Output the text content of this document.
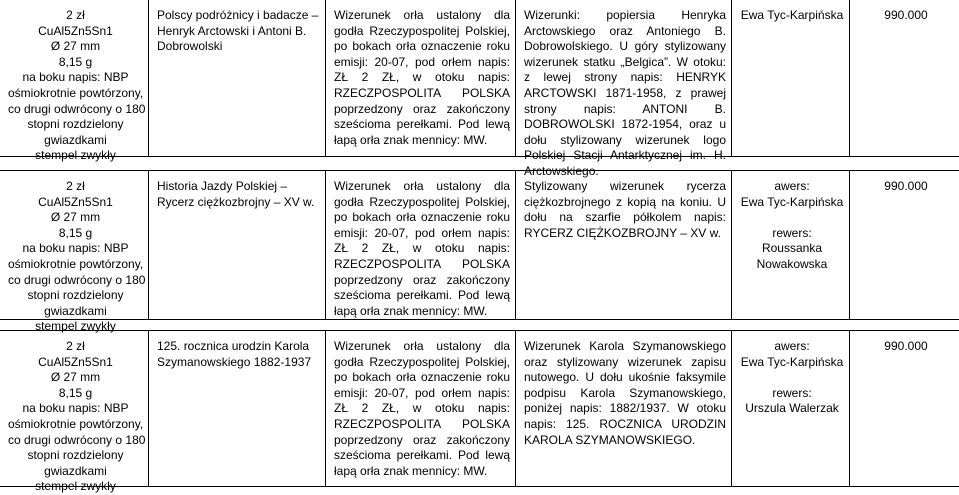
2 zł
CuAl5Zn5Sn1
Ø 27 mm
8,15 g
na boku napis: NBP
ośmiokrotnie powtórzony,
co drugi odwrócony o 180
stopni rozdzielony
gwiazdkami
stempel zwykły
Polscy podróżnicy i badacze – Henryk Arctowski i Antoni B. Dobrowolski
Wizerunek orła ustalony dla godła Rzeczypospolitej Polskiej, po bokach orła oznaczenie roku emisji: 20-07, pod orłem napis: ZŁ 2 ZŁ, w otoku napis: RZECZPOSPOLITA POLSKA poprzedzony oraz zakończony sześcioma perełkami. Pod lewą łapą orła znak mennicy: MW.
Wizerunki: popiersia Henryka Arctowskiego oraz Antoniego B. Dobrowolskiego. U góry stylizowany wizerunek statku „Belgica”. W otoku: z lewej strony napis: HENRYK ARCTOWSKI 1871-1958, z prawej strony napis: ANTONI B. DOBROWOLSKI 1872-1954, oraz u dołu stylizowany wizerunek logo Polskiej Stacji Antarktycznej im. H. Arctowskiego.
Ewa Tyc-Karpińska	990.000
2 zł
CuAl5Zn5Sn1
Ø 27 mm
8,15 g
na boku napis: NBP
ośmiokrotnie powtórzony,
co drugi odwrócony o 180
stopni rozdzielony
gwiazdkami
stempel zwykły
Historia Jazdy Polskiej – Rycerz ciężkozbrojny – XV w.
Wizerunek orła ustalony dla godła Rzeczypospolitej Polskiej, po bokach orła oznaczenie roku emisji: 20-07, pod orłem napis: ZŁ 2 ZŁ, w otoku napis: RZECZPOSPOLITA POLSKA poprzedzony oraz zakończony sześcioma perełkami. Pod lewą łapą orła znak mennicy: MW.
Stylizowany wizerunek rycerza ciężkozbrojnego z kopią na koniu. U dołu na szarfie półkolem napis: RYCERZ CIĘŻKOZBROJNY – XV w.
awers:
Ewa Tyc-Karpińska

rewers:
Roussanka
Nowakowska
990.000
2 zł
CuAl5Zn5Sn1
Ø 27 mm
8,15 g
na boku napis: NBP
ośmiokrotnie powtórzony,
co drugi odwrócony o 180
stopni rozdzielony
gwiazdkami
stempel zwykły
125. rocznica urodzin Karola Szymanowskiego 1882-1937
Wizerunek orła ustalony dla godła Rzeczypospolitej Polskiej, po bokach orła oznaczenie roku emisji: 20-07, pod orłem napis: ZŁ 2 ZŁ, w otoku napis: RZECZPOSPOLITA POLSKA poprzedzony oraz zakończony sześcioma perełkami. Pod lewą łapą orła znak mennicy: MW.
Wizerunek Karola Szymanowskiego oraz stylizowany wizerunek zapisu nutowego. U dołu ukośnie faksymile podpisu Karola Szymanowskiego, poniżej napis: 1882/1937. W otoku napis: 125. ROCZNICA URODZIN KAROLA SZYMANOWSKIEGO.
awers:
Ewa Tyc-Karpińska

rewers:
Urszula Walerzak
990.000
